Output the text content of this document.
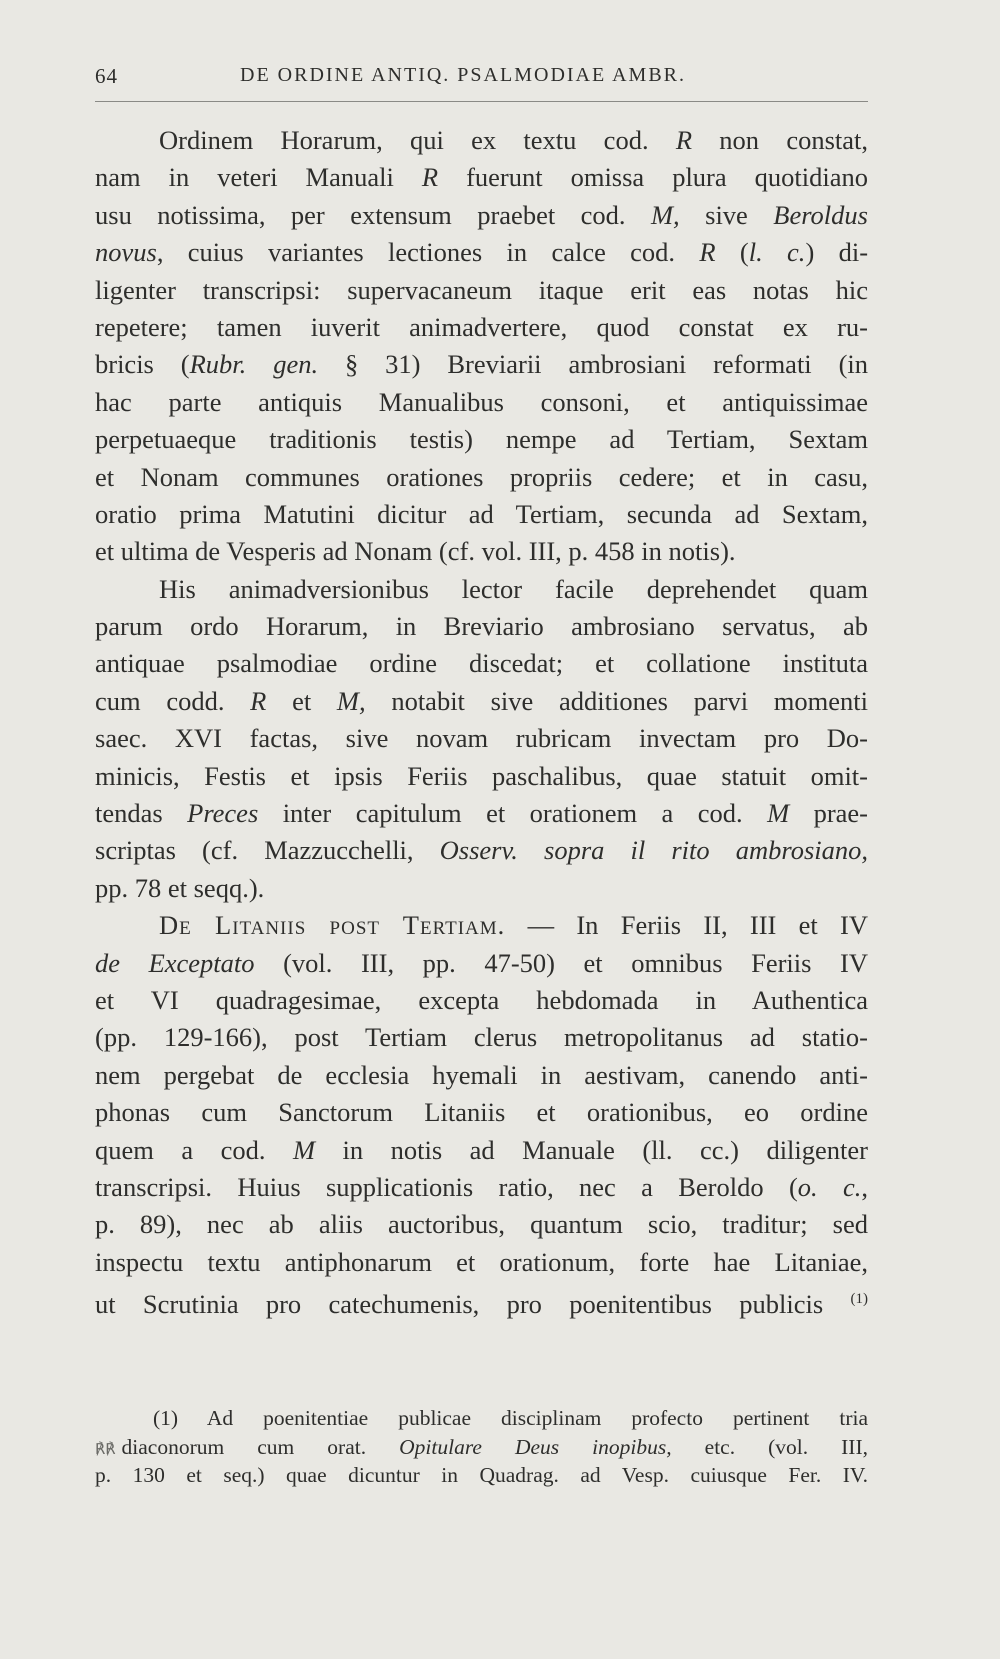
64	DE ORDINE ANTIQ. PSALMODIAE AMBR.
Ordinem Horarum, qui ex textu cod. R non constat,
nam in veteri Manuali R fuerunt omissa plura quotidiano
usu notissima, per extensum praebet cod. M, sive Beroldus
novus, cuius variantes lectiones in calce cod. R (l. c.) di-
ligenter transcripsi: supervacaneum itaque erit eas notas hic
repetere; tamen iuverit animadvertere, quod constat ex ru-
bricis (Rubr. gen. § 31) Breviarii ambrosiani reformati (in
hac parte antiquis Manualibus consoni, et antiquissimae
perpetuaeque traditionis testis) nempe ad Tertiam, Sextam
et Nonam communes orationes propriis cedere; et in casu,
oratio prima Matutini dicitur ad Tertiam, secunda ad Sextam,
et ultima de Vesperis ad Nonam (cf. vol. III, p. 458 in notis).
His animadversionibus lector facile deprehendet quam
parum ordo Horarum, in Breviario ambrosiano servatus, ab
antiquae psalmodiae ordine discedat; et collatione instituta
cum codd. R et M, notabit sive additiones parvi momenti
saec. XVI factas, sive novam rubricam invectam pro Do-
minicis, Festis et ipsis Feriis paschalibus, quae statuit omit-
tendas Preces inter capitulum et orationem a cod. M prae-
scriptas (cf. Mazzucchelli, Osserv. sopra il rito ambrosiano,
pp. 78 et seqq.).
De Litaniis post Tertiam. — In Feriis II, III et IV
de Exceptato (vol. III, pp. 47-50) et omnibus Feriis IV
et VI quadragesimae, excepta hebdomada in Authentica
(pp. 129-166), post Tertiam clerus metropolitanus ad statio-
nem pergebat de ecclesia hyemali in aestivam, canendo anti-
phonas cum Sanctorum Litaniis et orationibus, eo ordine
quem a cod. M in notis ad Manuale (ll. cc.) diligenter
transcripsi. Huius supplicationis ratio, nec a Beroldo (o. c.,
p. 89), nec ab aliis auctoribus, quantum scio, traditur; sed
inspectu textu antiphonarum et orationum, forte hae Litaniae,
ut Scrutinia pro catechumenis, pro poenitentibus publicis $^{(1)}$
(1) Ad poenitentiae publicae disciplinam profecto pertinent tria
℟℟ diaconorum cum orat. Opitulare Deus inopibus, etc. (vol. III,
p. 130 et seq.) quae dicuntur in Quadrag. ad Vesp. cuiusque Fer. IV.
